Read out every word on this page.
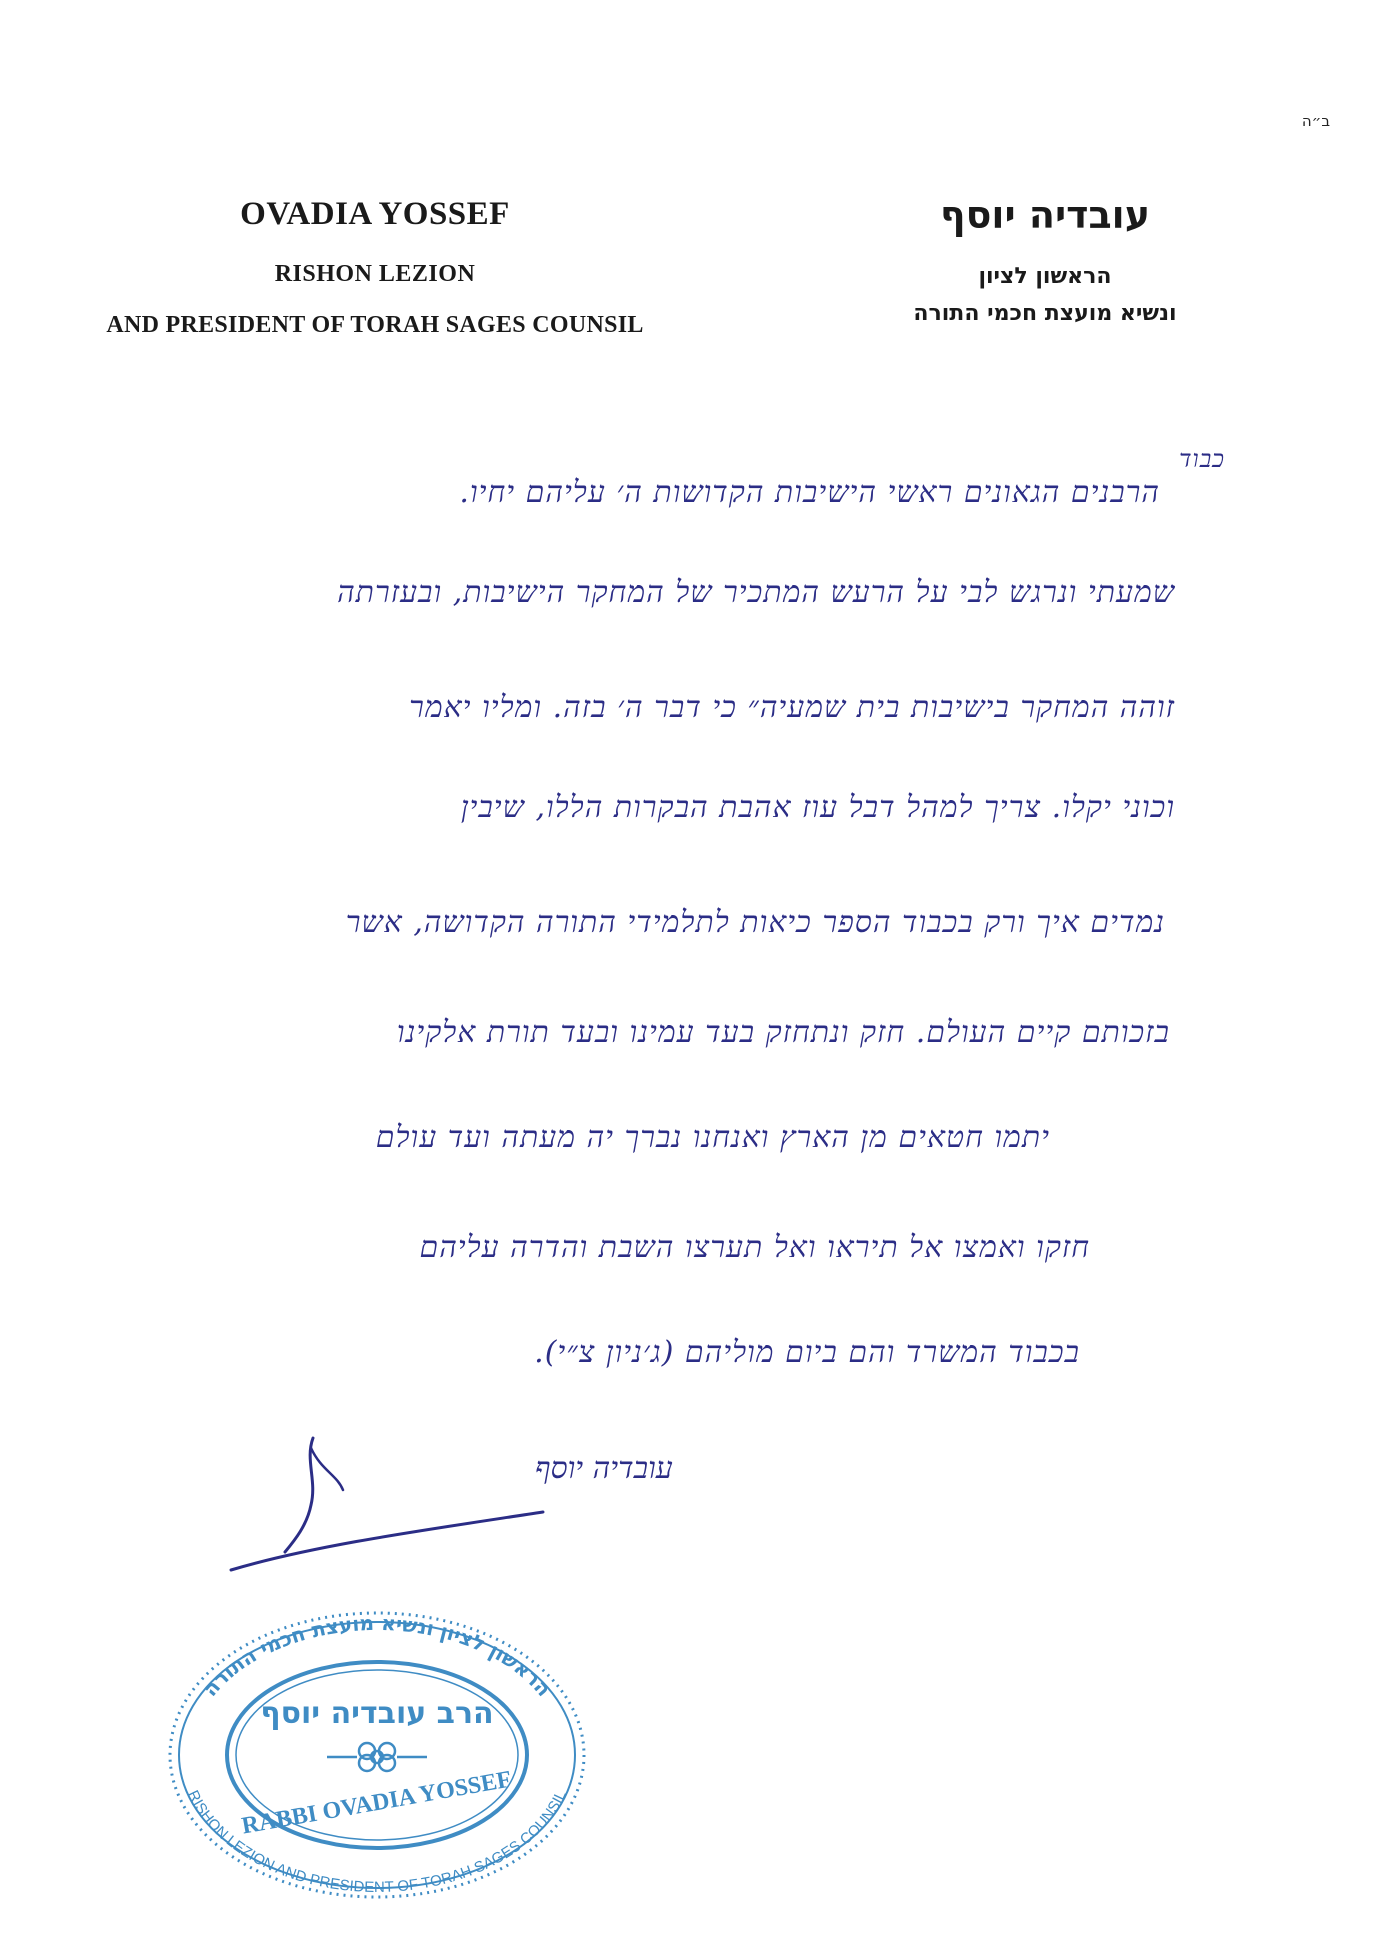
ב״ה
OVADIA YOSSEF
RISHON LEZION
AND PRESIDENT OF TORAH SAGES COUNSIL
עובדיה יוסף
הראשון לציון
ונשיא מועצת חכמי התורה
כבוד
הרבנים הגאונים ראשי הישיבות הקדושות ה׳ עליהם יחיו.
שמעתי ונרגש לבי על הרעש המתכיר של המחקר הישיבות, ובעזרתה
זוהה המחקר בישיבות בית שמעיה״ כי דבר ה׳ בזה. ומליו יאמר
וכוני יקלו. צריך למהל דבל עוז אהבת הבקרות הללו, שיבין
נמדים איך ורק בכבוד הספר כיאות לתלמידי התורה הקדושה, אשר
בזכותם קיים העולם. חזק ונתחזק בעד עמינו ובעד תורת אלקינו
יתמו חטאים מן הארץ ואנחנו נברך יה מעתה ועד עולם
חזקו ואמצו אל תיראו ואל תערצו השבת והדרה עליהם
בכבוד המשרד והם ביום מוליהם (ג׳ניון צ״י).
עובדיה יוסף
הראשון לציון ונשיא מועצת חכמי התורה
RISHON LEZION AND PRESIDENT OF TORAH SAGES COUNSIL
הרב עובדיה יוסף
RABBI OVADIA YOSSEF
